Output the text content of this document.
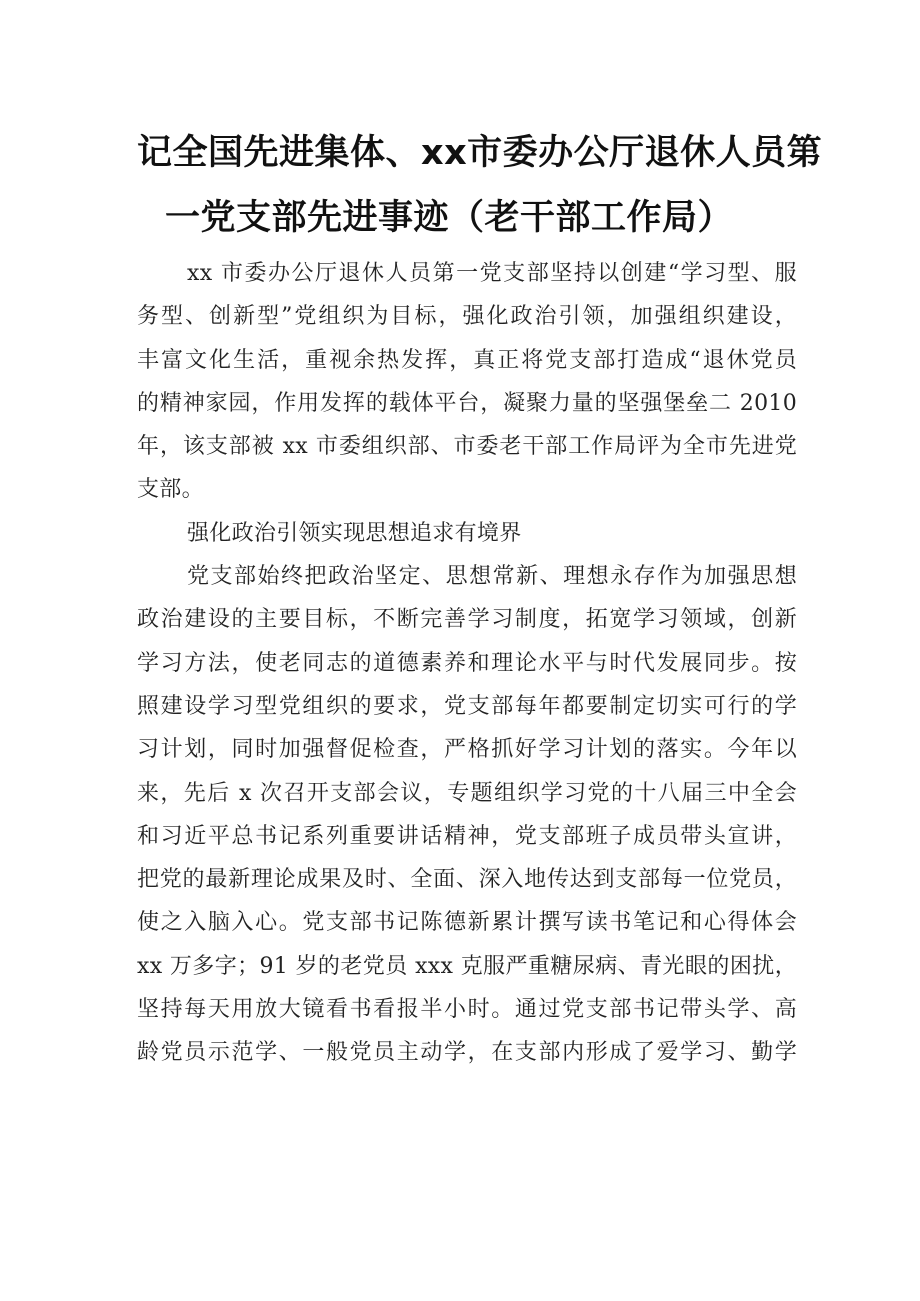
记全国先进集体、xx市委办公厅退休人员第
一党支部先进事迹（老干部工作局）
xx 市委办公厅退休人员第一党支部坚持以创建“学习型、服
务型、创新型”党组织为目标，强化政治引领，加强组织建设，
丰富文化生活，重视余热发挥，真正将党支部打造成“退休党员
的精神家园，作用发挥的载体平台，凝聚力量的坚强堡垒二 2010
年，该支部被 xx 市委组织部、市委老干部工作局评为全市先进党
支部。
强化政治引领实现思想追求有境界
党支部始终把政治坚定、思想常新、理想永存作为加强思想
政治建设的主要目标，不断完善学习制度，拓宽学习领域，创新
学习方法，使老同志的道德素养和理论水平与时代发展同步。按
照建设学习型党组织的要求，党支部每年都要制定切实可行的学
习计划，同时加强督促检查，严格抓好学习计划的落实。今年以
来，先后 x 次召开支部会议，专题组织学习党的十八届三中全会
和习近平总书记系列重要讲话精神，党支部班子成员带头宣讲，
把党的最新理论成果及时、全面、深入地传达到支部每一位党员，
使之入脑入心。党支部书记陈德新累计撰写读书笔记和心得体会
xx 万多字；91 岁的老党员 xxx 克服严重糖尿病、青光眼的困扰，
坚持每天用放大镜看书看报半小时。通过党支部书记带头学、高
龄党员示范学、一般党员主动学，在支部内形成了爱学习、勤学
